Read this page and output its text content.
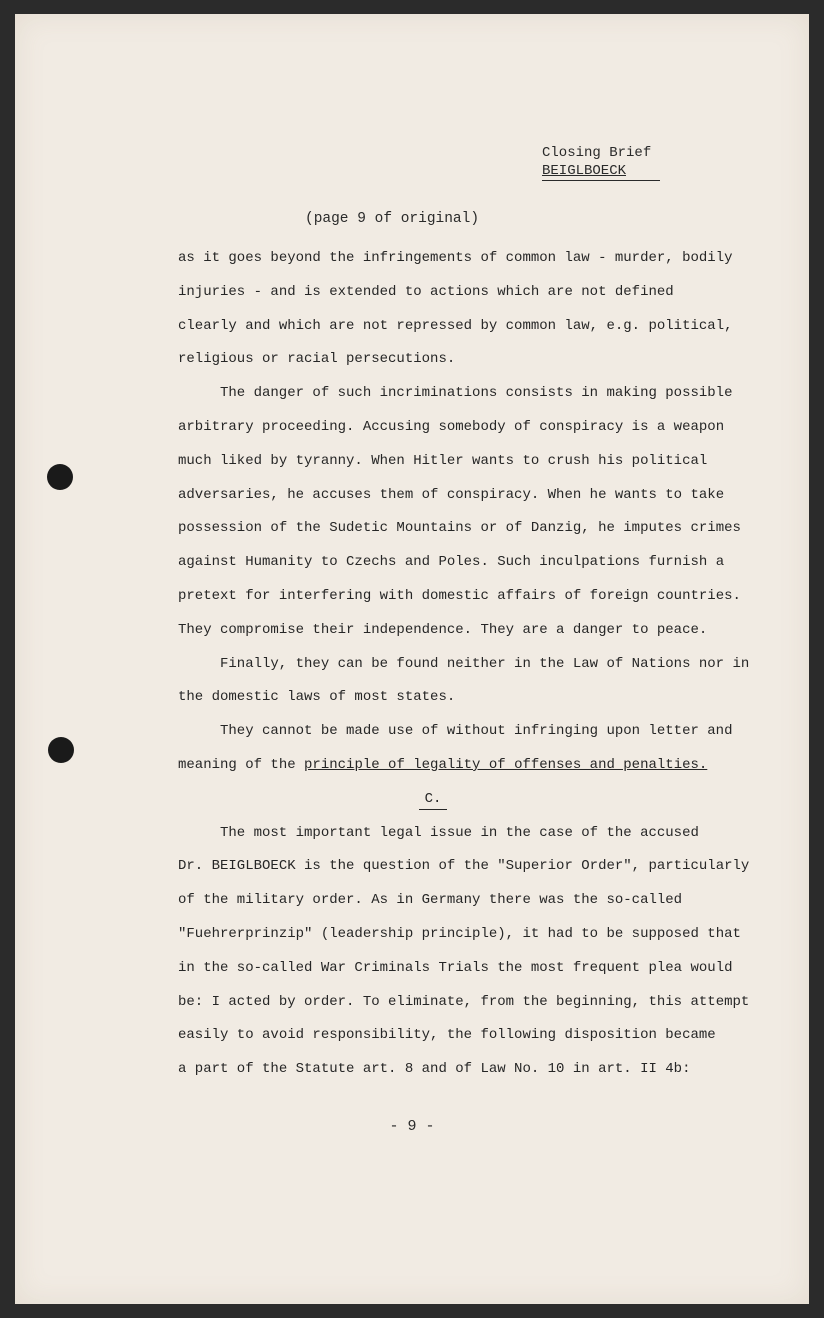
Closing Brief
BEIGLBOECK
(page 9 of original)
as it goes beyond the infringements of common law - murder, bodily
injuries - and is extended to actions which are not defined
clearly and which are not repressed by common law, e.g. political,
religious or racial persecutions.
The danger of such incriminations consists in making possible
arbitrary proceeding. Accusing somebody of conspiracy is a weapon
much liked by tyranny. When Hitler wants to crush his political
adversaries, he accuses them of conspiracy. When he wants to take
possession of the Sudetic Mountains or of Danzig, he imputes crimes
against Humanity to Czechs and Poles. Such inculpations furnish a
pretext for interfering with domestic affairs of foreign countries.
They compromise their independence. They are a danger to peace.
Finally, they can be found neither in the Law of Nations nor in
the domestic laws of most states.
They cannot be made use of without infringing upon letter and
meaning of the principle of legality of offenses and penalties.
C.
The most important legal issue in the case of the accused
Dr. BEIGLBOECK is the question of the "Superior Order", particularly
of the military order. As in Germany there was the so-called
"Fuehrerprinzip" (leadership principle), it had to be supposed that
in the so-called War Criminals Trials the most frequent plea would
be: I acted by order. To eliminate, from the beginning, this attempt
easily to avoid responsibility, the following disposition became
a part of the Statute art. 8 and of Law No. 10 in art. II 4b:
- 9 -
